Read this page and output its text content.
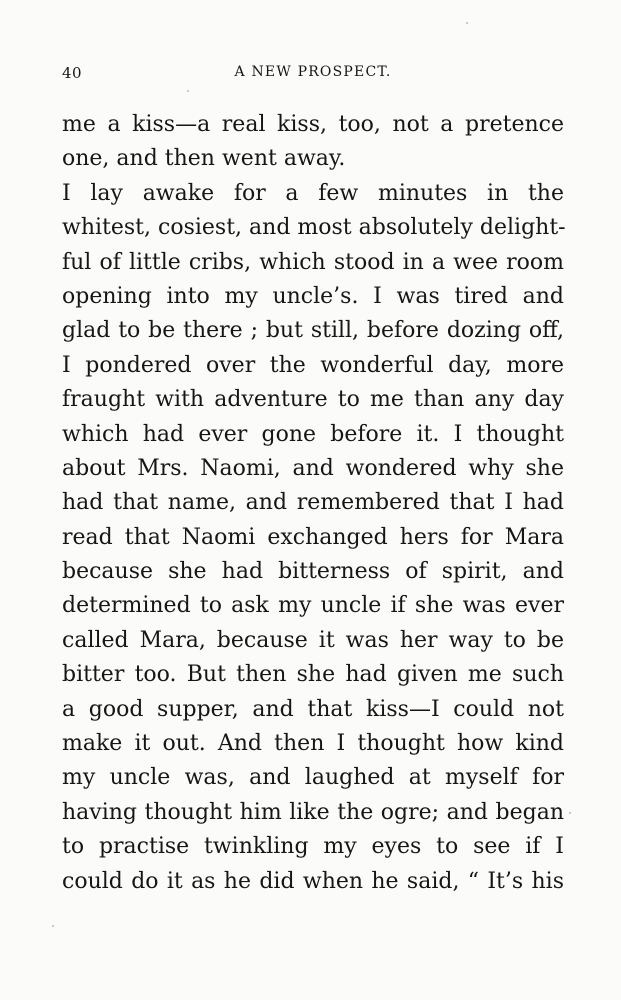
40	A NEW PROSPECT.
me a kiss—a real kiss, too, not a pretence
one, and then went away.
I lay awake for a few minutes in the
whitest, cosiest, and most absolutely delight-
ful of little cribs, which stood in a wee room
opening into my uncle’s. I was tired and
glad to be there ; but still, before dozing off,
I pondered over the wonderful day, more
fraught with adventure to me than any day
which had ever gone before it. I thought
about Mrs. Naomi, and wondered why she
had that name, and remembered that I had
read that Naomi exchanged hers for Mara
because she had bitterness of spirit, and
determined to ask my uncle if she was ever
called Mara, because it was her way to be
bitter too. But then she had given me such
a good supper, and that kiss—I could not
make it out. And then I thought how kind
my uncle was, and laughed at myself for
having thought him like the ogre; and began
to practise twinkling my eyes to see if I
could do it as he did when he said, “ It’s his
